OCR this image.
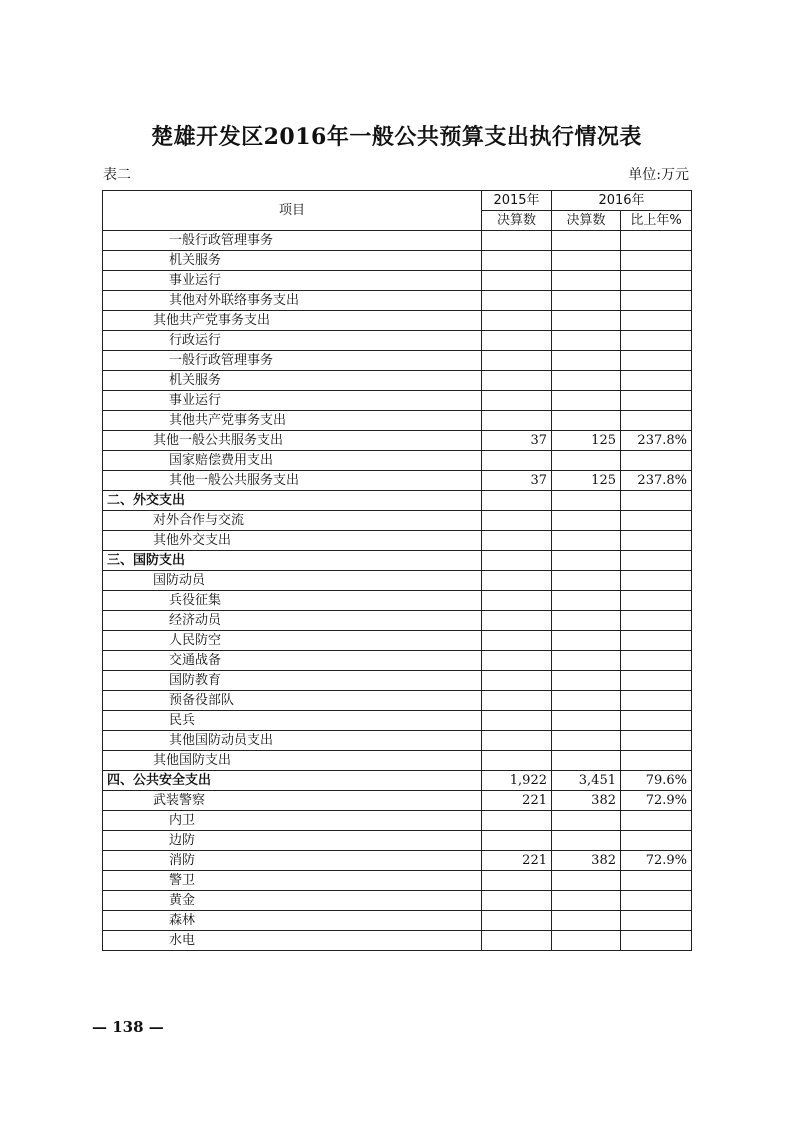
楚雄开发区2016年一般公共预算支出执行情况表
表二	单位:万元
项目	2015年	2016年	
	决算数	决算数	比上年%
一般行政管理事务			
机关服务			
事业运行			
其他对外联络事务支出			
其他共产党事务支出			
行政运行			
一般行政管理事务			
机关服务			
事业运行			
其他共产党事务支出			
其他一般公共服务支出	37	125	237.8%
国家赔偿费用支出			
其他一般公共服务支出	37	125	237.8%
二、外交支出			
对外合作与交流			
其他外交支出			
三、国防支出			
国防动员			
兵役征集			
经济动员			
人民防空			
交通战备			
国防教育			
预备役部队			
民兵			
其他国防动员支出			
其他国防支出			
四、公共安全支出	1,922	3,451	79.6%
武装警察	221	382	72.9%
内卫			
边防			
消防	221	382	72.9%
警卫			
黄金			
森林			
水电			
— 138 —
